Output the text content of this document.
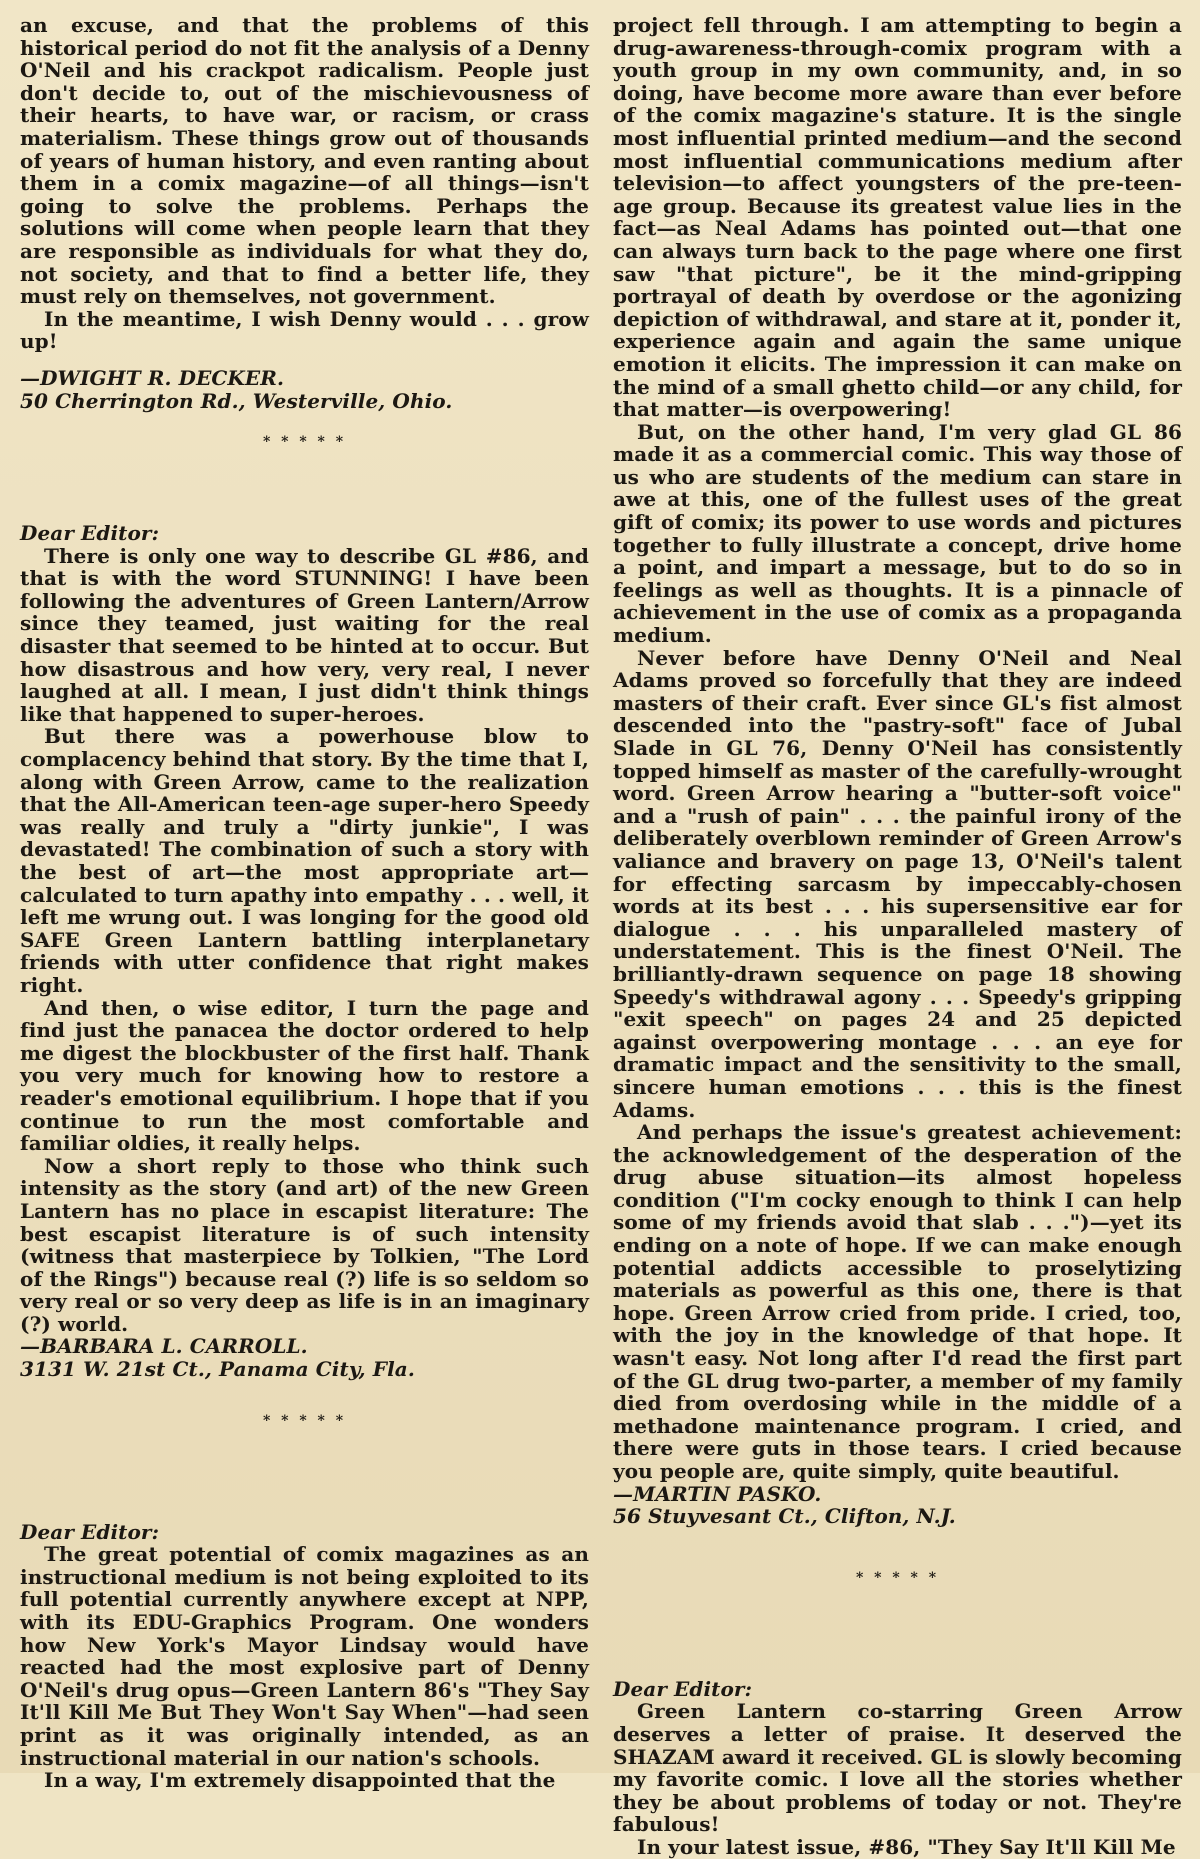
an excuse, and that the problems of this historical period do not fit the analysis of a Denny O'Neil and his crackpot radicalism. People just don't decide to, out of the mischievousness of their hearts, to have war, or racism, or crass materialism. These things grow out of thousands of years of human history, and even ranting about them in a comix magazine—of all things—isn't going to solve the problems. Perhaps the solutions will come when people learn that they are responsible as individuals for what they do, not society, and that to find a better life, they must rely on themselves, not government.

In the meantime, I wish Denny would . . . grow up!

—DWIGHT R. DECKER.

50 Cherrington Rd., Westerville, Ohio.

* * * * *

Dear Editor:

There is only one way to describe GL #86, and that is with the word STUNNING! I have been following the adventures of Green Lantern/Arrow since they teamed, just waiting for the real disaster that seemed to be hinted at to occur. But how disastrous and how very, very real, I never laughed at all. I mean, I just didn't think things like that happened to super-heroes.

But there was a powerhouse blow to complacency behind that story. By the time that I, along with Green Arrow, came to the realization that the All-American teen-age super-hero Speedy was really and truly a "dirty junkie", I was devastated! The combination of such a story with the best of art—the most appropriate art—calculated to turn apathy into empathy . . . well, it left me wrung out. I was longing for the good old SAFE Green Lantern battling interplanetary friends with utter confidence that right makes right.

And then, o wise editor, I turn the page and find just the panacea the doctor ordered to help me digest the blockbuster of the first half. Thank you very much for knowing how to restore a reader's emotional equilibrium. I hope that if you continue to run the most comfortable and familiar oldies, it really helps.

Now a short reply to those who think such intensity as the story (and art) of the new Green Lantern has no place in escapist literature: The best escapist literature is of such intensity (witness that masterpiece by Tolkien, "The Lord of the Rings") because real (?) life is so seldom so very real or so very deep as life is in an imaginary (?) world.

—BARBARA L. CARROLL.

3131 W. 21st Ct., Panama City, Fla.

* * * * *

Dear Editor:

The great potential of comix magazines as an instructional medium is not being exploited to its full potential currently anywhere except at NPP, with its EDU-Graphics Program. One wonders how New York's Mayor Lindsay would have reacted had the most explosive part of Denny O'Neil's drug opus—Green Lantern 86's "They Say It'll Kill Me But They Won't Say When"—had seen print as it was originally intended, as an instructional material in our nation's schools.

In a way, I'm extremely disappointed that the

project fell through. I am attempting to begin a drug-awareness-through-comix program with a youth group in my own community, and, in so doing, have become more aware than ever before of the comix magazine's stature. It is the single most influential printed medium—and the second most influential communications medium after television—to affect youngsters of the pre-teen-age group. Because its greatest value lies in the fact—as Neal Adams has pointed out—that one can always turn back to the page where one first saw "that picture", be it the mind-gripping portrayal of death by overdose or the agonizing depiction of withdrawal, and stare at it, ponder it, experience again and again the same unique emotion it elicits. The impression it can make on the mind of a small ghetto child—or any child, for that matter—is overpowering!

But, on the other hand, I'm very glad GL 86 made it as a commercial comic. This way those of us who are students of the medium can stare in awe at this, one of the fullest uses of the great gift of comix; its power to use words and pictures together to fully illustrate a concept, drive home a point, and impart a message, but to do so in feelings as well as thoughts. It is a pinnacle of achievement in the use of comix as a propaganda medium.

Never before have Denny O'Neil and Neal Adams proved so forcefully that they are indeed masters of their craft. Ever since GL's fist almost descended into the "pastry-soft" face of Jubal Slade in GL 76, Denny O'Neil has consistently topped himself as master of the carefully-wrought word. Green Arrow hearing a "butter-soft voice" and a "rush of pain" . . . the painful irony of the deliberately overblown reminder of Green Arrow's valiance and bravery on page 13, O'Neil's talent for effecting sarcasm by impeccably-chosen words at its best . . . his supersensitive ear for dialogue . . . his unparalleled mastery of understatement. This is the finest O'Neil. The brilliantly-drawn sequence on page 18 showing Speedy's withdrawal agony . . . Speedy's gripping "exit speech" on pages 24 and 25 depicted against overpowering montage . . . an eye for dramatic impact and the sensitivity to the small, sincere human emotions . . . this is the finest Adams.

And perhaps the issue's greatest achievement: the acknowledgement of the desperation of the drug abuse situation—its almost hopeless condition ("I'm cocky enough to think I can help some of my friends avoid that slab . . .")—yet its ending on a note of hope. If we can make enough potential addicts accessible to proselytizing materials as powerful as this one, there is that hope. Green Arrow cried from pride. I cried, too, with the joy in the knowledge of that hope. It wasn't easy. Not long after I'd read the first part of the GL drug two-parter, a member of my family died from overdosing while in the middle of a methadone maintenance program. I cried, and there were guts in those tears. I cried because you people are, quite simply, quite beautiful.

—MARTIN PASKO.

56 Stuyvesant Ct., Clifton, N.J.

* * * * *

Dear Editor:

Green Lantern co-starring Green Arrow deserves a letter of praise. It deserved the SHAZAM award it received. GL is slowly becoming my favorite comic. I love all the stories whether they be about problems of today or not. They're fabulous!

In your latest issue, #86, "They Say It'll Kill Me
